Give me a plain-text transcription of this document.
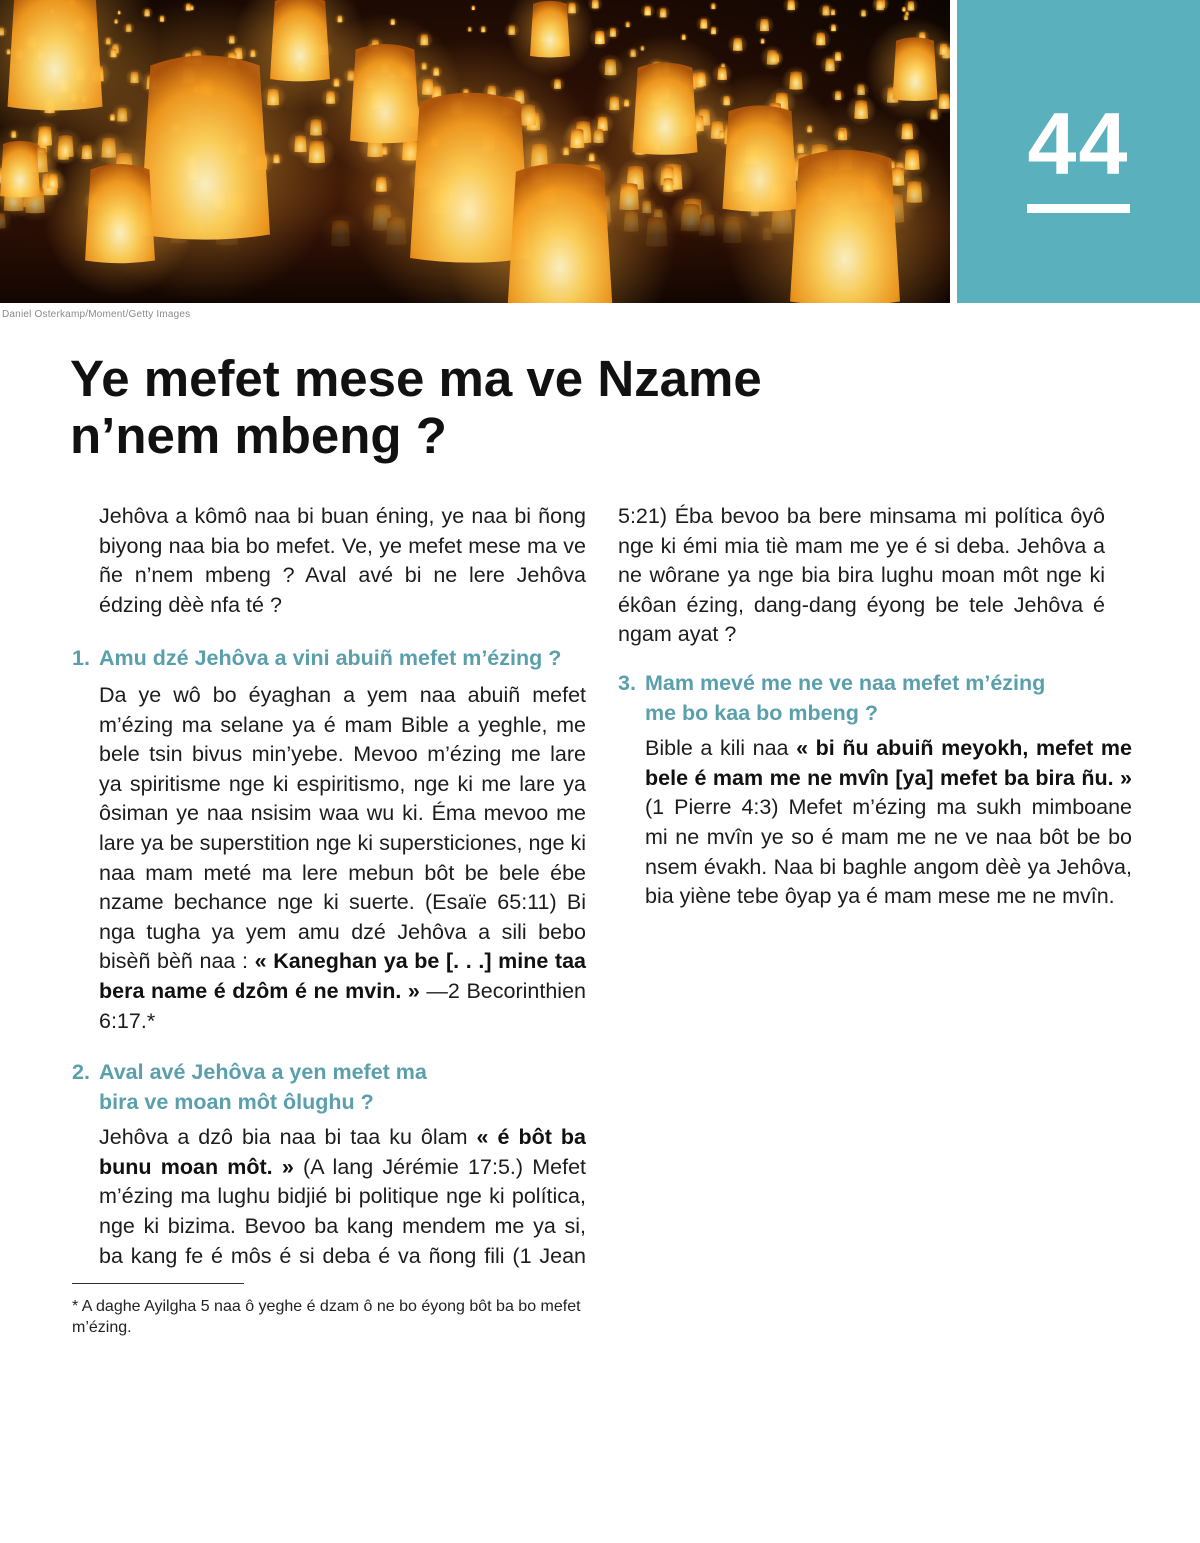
Daniel Osterkamp/Moment/Getty Images
44
Ye mefet mese ma ve Nzame
n’nem mbeng ?

Jehôva a kômô naa bi buan éning, ye naa bi ñong biyong naa bia bo mefet. Ve, ye mefet mese ma ve ñe n’nem mbeng ? Aval avé bi ne lere Jehôva édzing dèè nfa té ?

1. Amu dzé Jehôva a vini abuiñ mefet m’ézing ?

Da ye wô bo éyaghan a yem naa abuiñ mefet m’ézing ma selane ya é mam Bible a yeghle, me bele tsin bivus min’yebe. Mevoo m’ézing me lare ya spiritisme nge ki espiritismo, nge ki me lare ya ôsiman ye naa nsisim waa wu ki. Éma mevoo me lare ya be superstition nge ki supersticiones, nge ki naa mam meté ma lere mebun bôt be bele ébe nzame bechance nge ki suerte. (Esaïe 65:11) Bi nga tugha ya yem amu dzé Jehôva a sili bebo bisèñ bèñ naa : « Kaneghan ya be [. . .] mine taa bera name é dzôm é ne mvin. » —2 Becorinthien 6:17.*

2. Aval avé Jehôva a yen mefet ma
bira ve moan môt ôlughu ?

Jehôva a dzô bia naa bi taa ku ôlam « é bôt ba bunu moan môt. » (A lang Jérémie 17:5.) Mefet m’ézing ma lughu bidjié bi politique nge ki política, nge ki bizima. Bevoo ba kang mendem me ya si, ba kang fe é môs é si deba é va ñong fili (1 Jean

* A daghe Ayilgha 5 naa ô yeghe é dzam ô ne bo éyong bôt ba bo mefet m’ézing.

5:21) Éba bevoo ba bere minsama mi política ôyô nge ki émi mia tiè mam me ye é si deba. Jehôva a ne wôrane ya nge bia bira lughu moan môt nge ki ékôan ézing, dang-dang éyong be tele Jehôva é ngam ayat ?

3. Mam mevé me ne ve naa mefet m’ézing
me bo kaa bo mbeng ?

Bible a kili naa « bi ñu abuiñ meyokh, mefet me bele é mam me ne mvîn [ya] mefet ba bira ñu. » (1 Pierre 4:3) Mefet m’ézing ma sukh mimboane mi ne mvîn ye so é mam me ne ve naa bôt be bo nsem évakh. Naa bi baghle angom dèè ya Jehôva, bia yiène tebe ôyap ya é mam mese me ne mvîn.
